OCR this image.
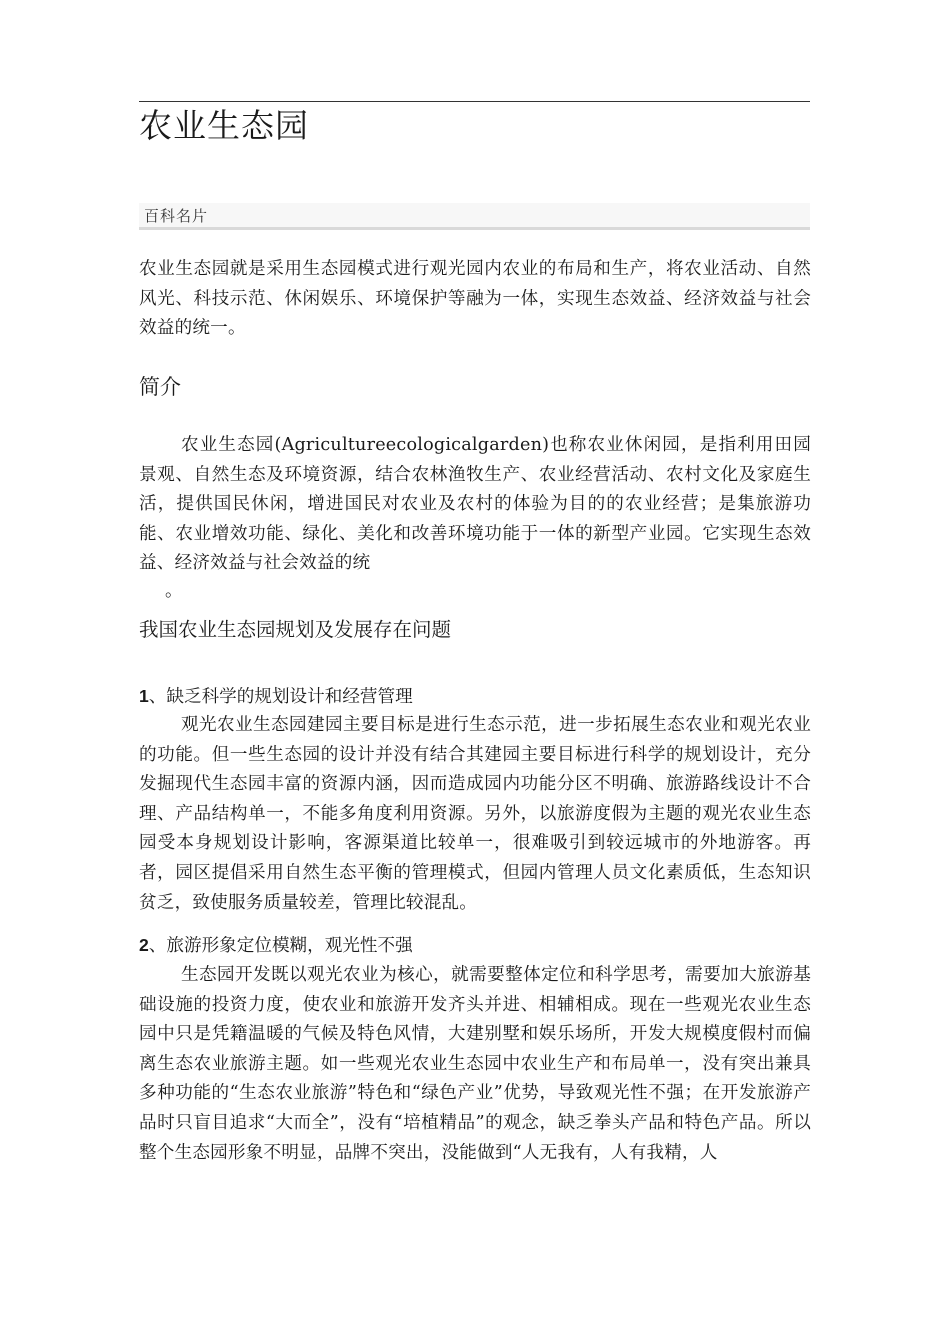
农业生态园
百科名片

农业生态园就是采用生态园模式进行观光园内农业的布局和生产，将农业活动、自然风光、科技示范、休闲娱乐、环境保护等融为一体，实现生态效益、经济效益与社会效益的统一。

简介

农业生态园(Agricultureecologicalgarden)也称农业休闲园，是指利用田园景观、自然生态及环境资源，结合农林渔牧生产、农业经营活动、农村文化及家庭生活，提供国民休闲，增进国民对农业及农村的体验为目的的农业经营；是集旅游功能、农业增效功能、绿化、美化和改善环境功能于一体的新型产业园。它实现生态效益、经济效益与社会效益的统

。
我国农业生态园规划及发展存在问题
1、缺乏科学的规划设计和经营管理

观光农业生态园建园主要目标是进行生态示范，进一步拓展生态农业和观光农业的功能。但一些生态园的设计并没有结合其建园主要目标进行科学的规划设计，充分发掘现代生态园丰富的资源内涵，因而造成园内功能分区不明确、旅游路线设计不合理、产品结构单一，不能多角度利用资源。另外，以旅游度假为主题的观光农业生态园受本身规划设计影响，客源渠道比较单一，很难吸引到较远城市的外地游客。再者，园区提倡采用自然生态平衡的管理模式，但园内管理人员文化素质低，生态知识贫乏，致使服务质量较差，管理比较混乱。

2、旅游形象定位模糊，观光性不强

生态园开发既以观光农业为核心，就需要整体定位和科学思考，需要加大旅游基础设施的投资力度，使农业和旅游开发齐头并进、相辅相成。现在一些观光农业生态园中只是凭籍温暖的气候及特色风情，大建别墅和娱乐场所，开发大规模度假村而偏离生态农业旅游主题。如一些观光农业生态园中农业生产和布局单一，没有突出兼具多种功能的“生态农业旅游”特色和“绿色产业”优势，导致观光性不强；在开发旅游产品时只盲目追求“大而全”，没有“培植精品”的观念，缺乏拳头产品和特色产品。所以整个生态园形象不明显，品牌不突出，没能做到“人无我有，人有我精，人
